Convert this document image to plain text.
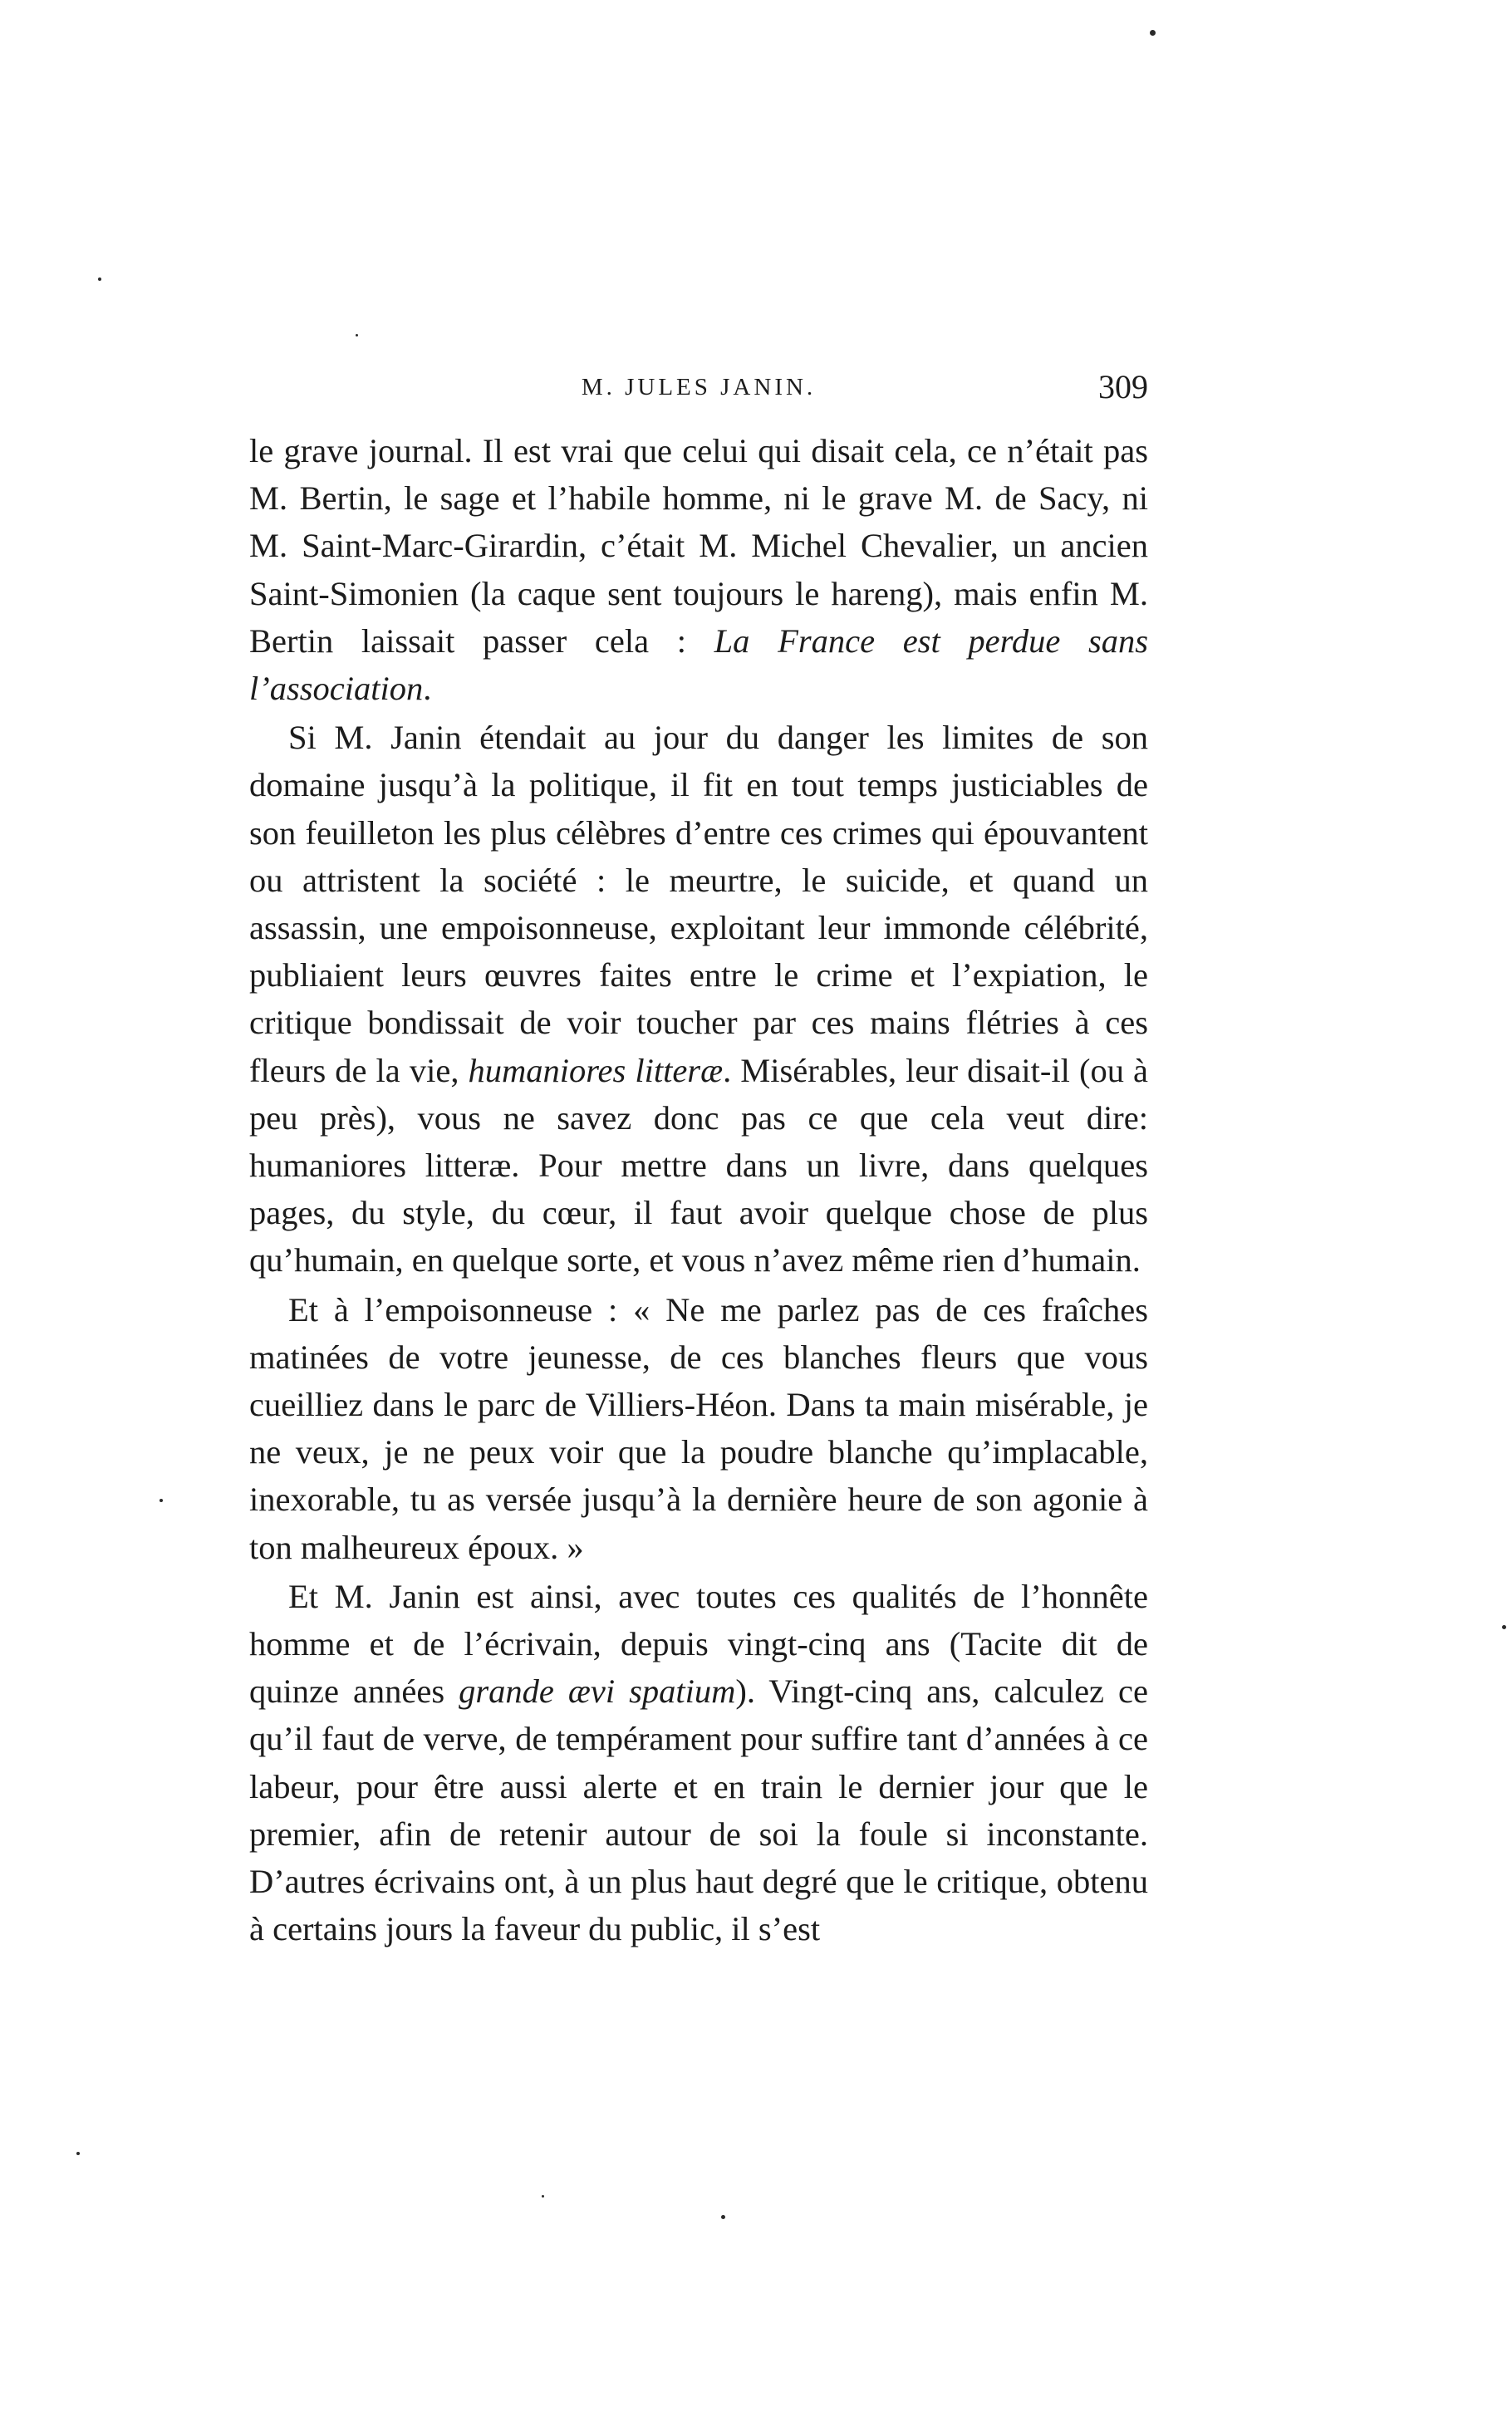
M. JULES JANIN.	309

le grave journal. Il est vrai que celui qui disait cela, ce n’était pas M. Bertin, le sage et l’habile homme, ni le grave M. de Sacy, ni M. Saint-Marc-Girardin, c’était M. Michel Chevalier, un ancien Saint-Simonien (la caque sent toujours le hareng), mais enfin M. Bertin laissait passer cela : La France est perdue sans l’association.

Si M. Janin étendait au jour du danger les limites de son domaine jusqu’à la politique, il fit en tout temps justiciables de son feuilleton les plus célèbres d’entre ces crimes qui épouvantent ou attristent la société : le meurtre, le suicide, et quand un assassin, une empoisonneuse, exploitant leur immonde célébrité, publiaient leurs œuvres faites entre le crime et l’expiation, le critique bondissait de voir toucher par ces mains flétries à ces fleurs de la vie, humaniores litteræ. Misérables, leur disait-il (ou à peu près), vous ne savez donc pas ce que cela veut dire: humaniores litteræ. Pour mettre dans un livre, dans quelques pages, du style, du cœur, il faut avoir quelque chose de plus qu’humain, en quelque sorte, et vous n’avez même rien d’humain.

Et à l’empoisonneuse : « Ne me parlez pas de ces fraîches matinées de votre jeunesse, de ces blanches fleurs que vous cueilliez dans le parc de Villiers-Héon. Dans ta main misérable, je ne veux, je ne peux voir que la poudre blanche qu’implacable, inexorable, tu as versée jusqu’à la dernière heure de son agonie à ton malheureux époux. »

Et M. Janin est ainsi, avec toutes ces qualités de l’honnête homme et de l’écrivain, depuis vingt-cinq ans (Tacite dit de quinze années grande ævi spatium). Vingt-cinq ans, calculez ce qu’il faut de verve, de tempérament pour suffire tant d’années à ce labeur, pour être aussi alerte et en train le dernier jour que le premier, afin de retenir autour de soi la foule si inconstante. D’autres écrivains ont, à un plus haut degré que le critique, obtenu à certains jours la faveur du public, il s’est
